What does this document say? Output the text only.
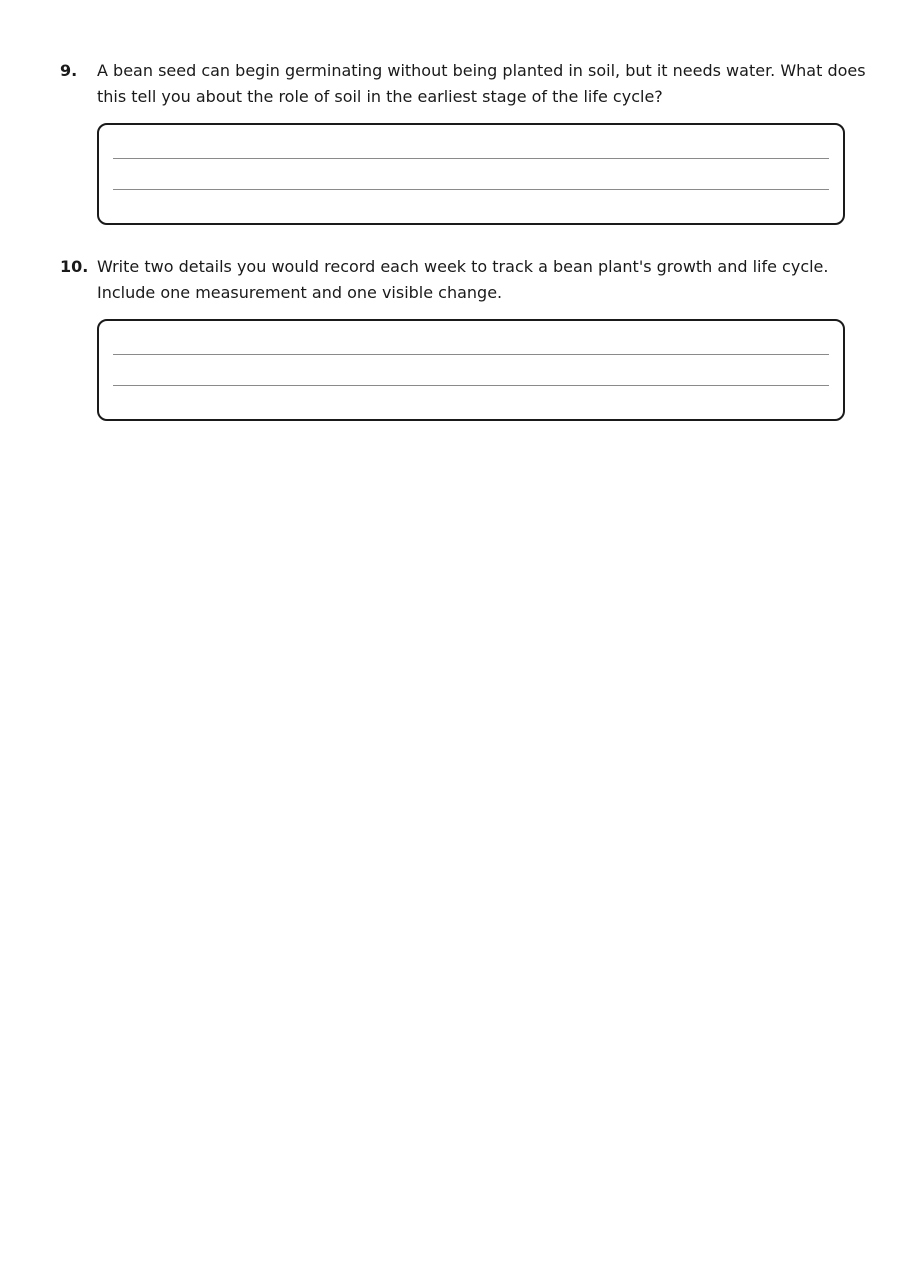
9. A bean seed can begin germinating without being planted in soil, but it needs water. What does
this tell you about the role of soil in the earliest stage of the life cycle?
10. Write two details you would record each week to track a bean plant's growth and life cycle.
Include one measurement and one visible change.
